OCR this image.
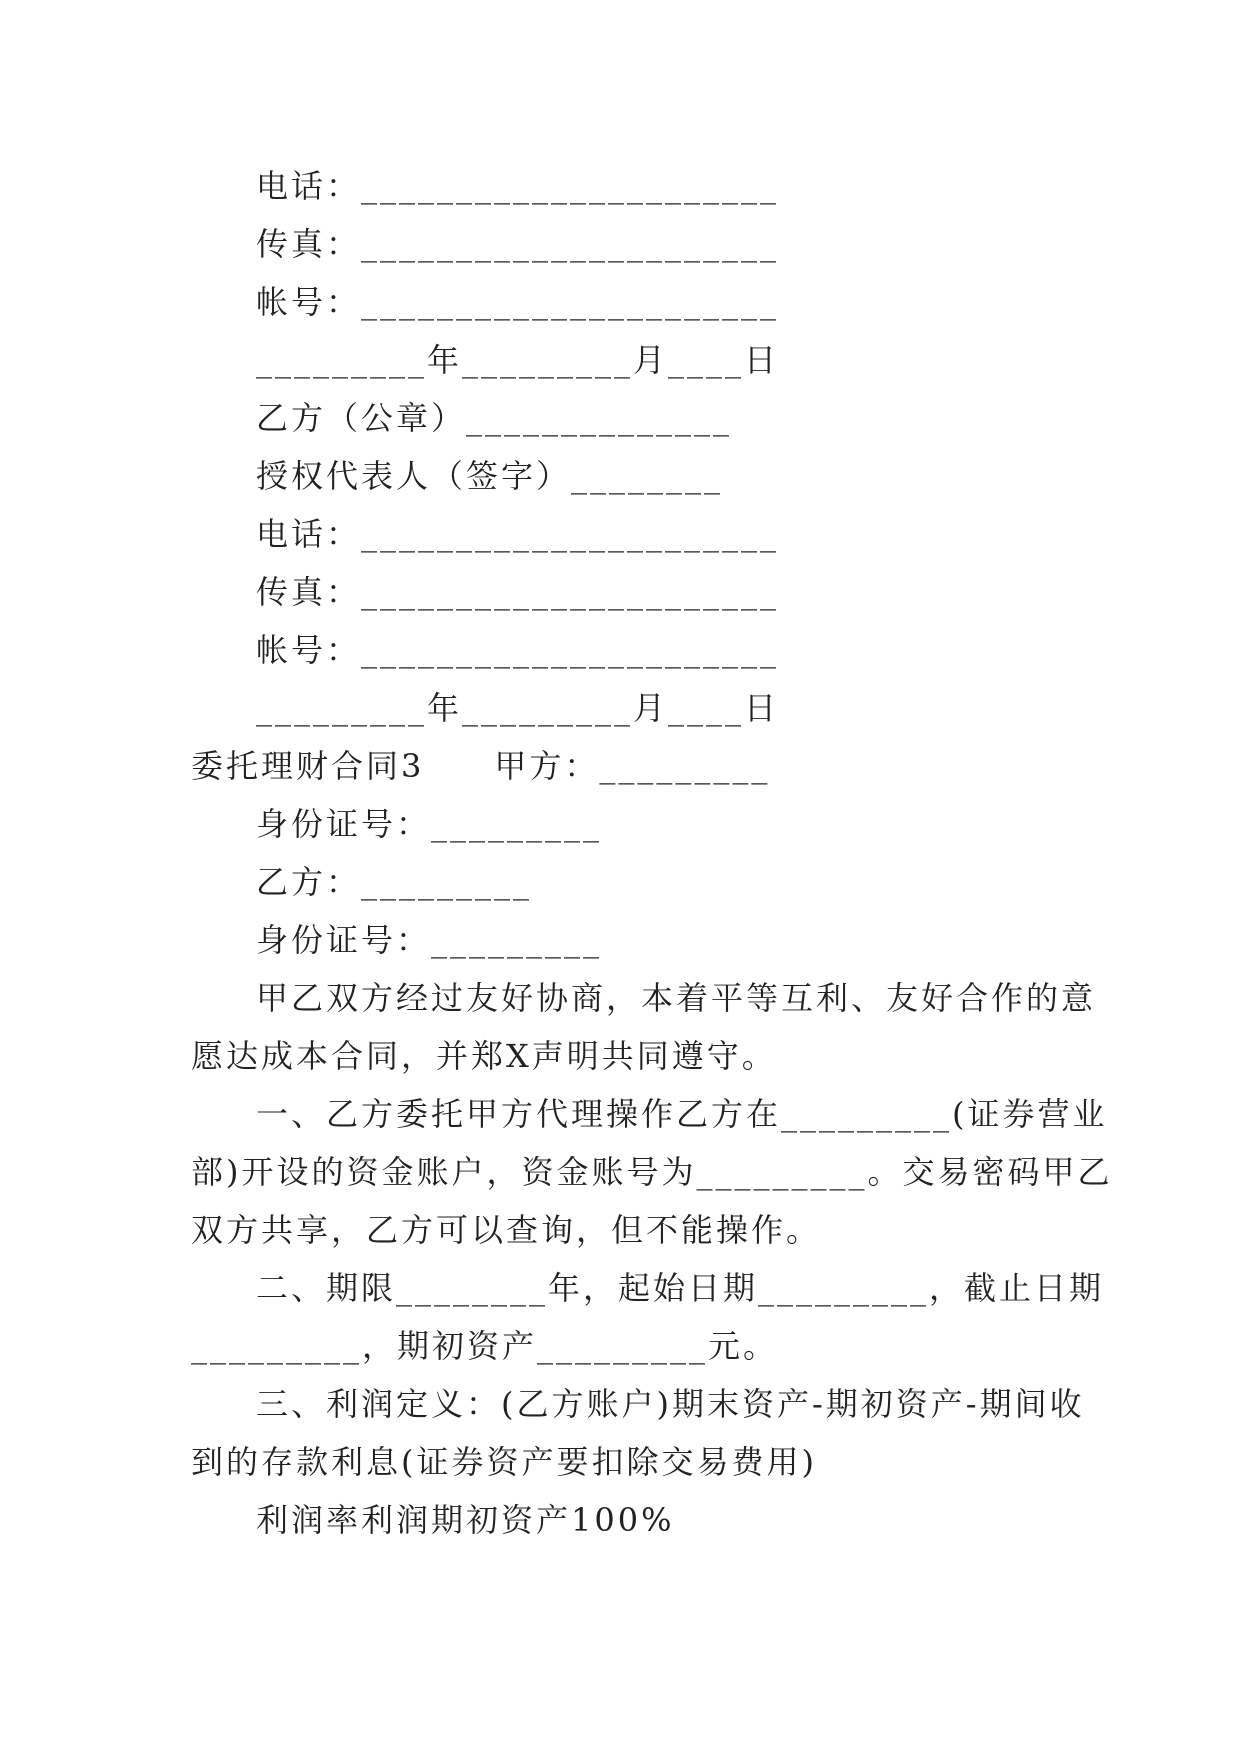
电话：______________________
传真：______________________
帐号：______________________
_________年_________月____日
乙方（公章）______________
授权代表人（签字）________
电话：______________________
传真：______________________
帐号：______________________
_________年_________月____日
委托理财合同3　　甲方：_________
身份证号：_________
乙方：_________
身份证号：_________
甲乙双方经过友好协商，本着平等互利、友好合作的意
愿达成本合同，并郑X声明共同遵守。
一、乙方委托甲方代理操作乙方在_________(证券营业
部)开设的资金账户，资金账号为_________。交易密码甲乙
双方共享，乙方可以查询，但不能操作。
二、期限________年，起始日期_________，截止日期
_________，期初资产_________元。
三、利润定义：(乙方账户)期末资产-期初资产-期间收
到的存款利息(证券资产要扣除交易费用)
利润率利润期初资产100%
